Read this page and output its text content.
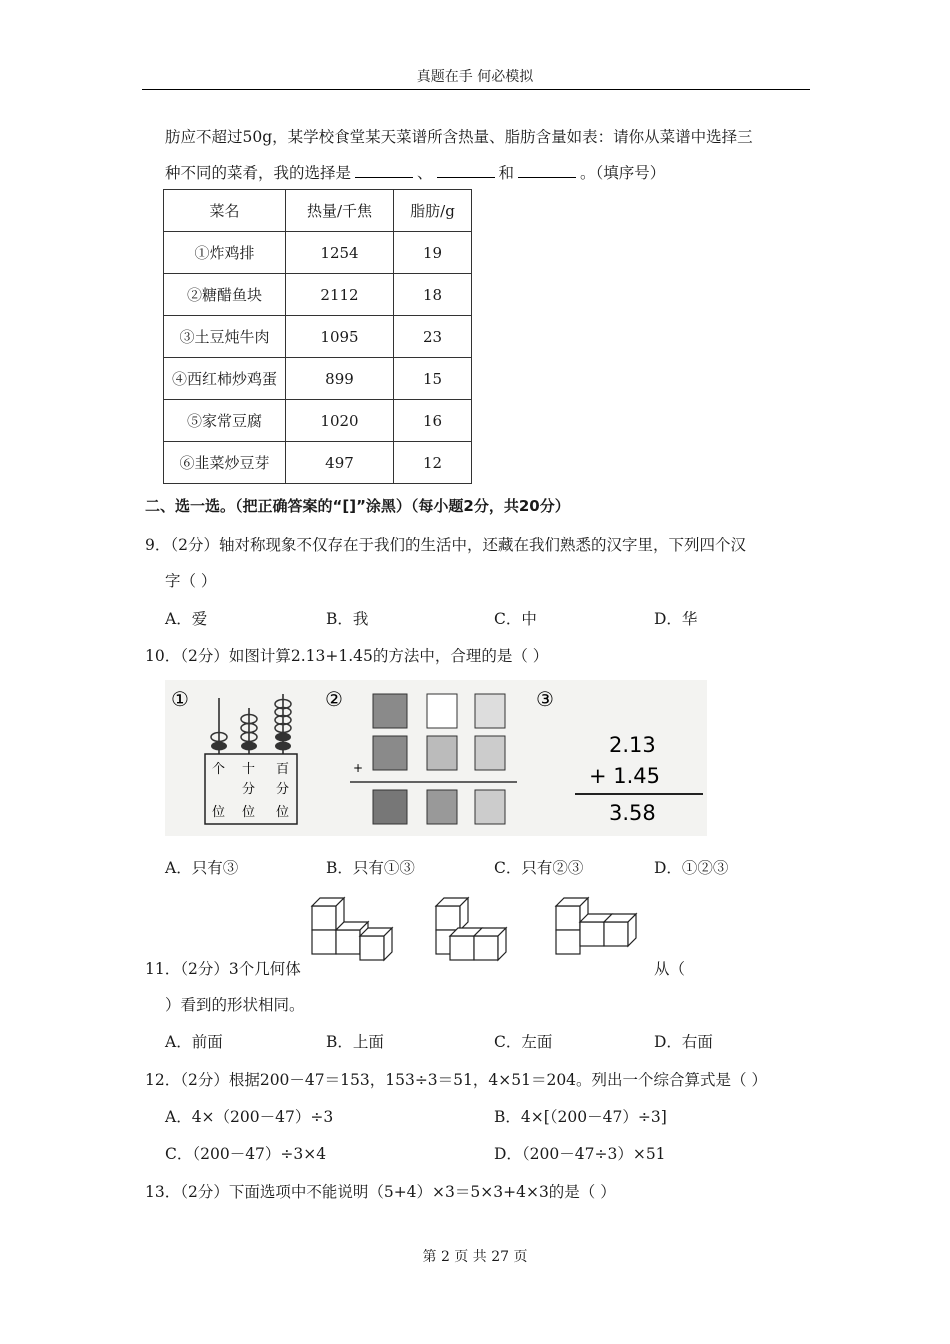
真题在手 何必模拟
肪应不超过50g，某学校食堂某天菜谱所含热量、脂肪含量如表：请你从菜谱中选择三
种不同的菜肴，我的选择是	、	和	。（填序号）
菜名	热量/千焦	脂肪/g
①炸鸡排	1254	19
②糖醋鱼块	2112	18
③土豆炖牛肉	1095	23
④西红柿炒鸡蛋	899	15
⑤家常豆腐	1020	16
⑥韭菜炒豆芽	497	12
二、选一选。（把正确答案的“[]”涂黑）（每小题2分，共20分）
9．（2分）轴对称现象不仅存在于我们的生活中，还藏在我们熟悉的汉字里，下列四个汉
字（ ）
A．爱	B．我	C．中	D．华
10．（2分）如图计算2.13+1.45的方法中，合理的是（ ）
①
个 十 百
分 分
位 位 位
②
+
③
2.13
+ 1.45
3.58
A．只有③	B．只有①③	C．只有②③	D．①②③
11．（2分）3个几何体	从（
）看到的形状相同。
A．前面	B．上面	C．左面	D．右面
12．（2分）根据200－47＝153，153÷3＝51，4×51＝204。列出一个综合算式是（ ）
A．4×（200－47）÷3	B．4×[（200－47）÷3]
C．（200－47）÷3×4	D．（200－47÷3）×51
13．（2分）下面选项中不能说明（5+4）×3＝5×3+4×3的是（ ）
第 2 页 共 27 页
